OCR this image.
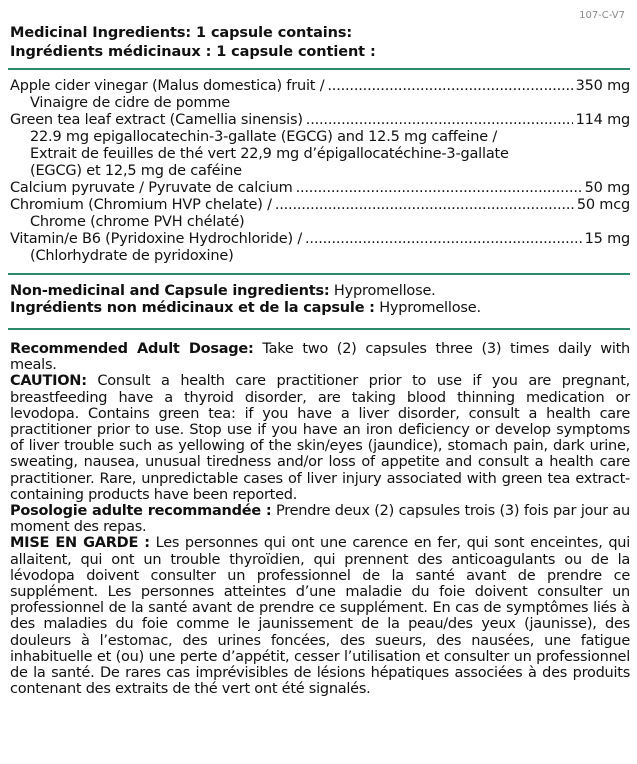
107-C-V7
Medicinal Ingredients: 1 capsule contains:
Ingrédients médicinaux : 1 capsule contient :
Apple cider vinegar (Malus domestica) fruit / .....	350 mg
Vinaigre de cidre de pomme
Green tea leaf extract (Camellia sinensis) .....	114 mg
22.9 mg epigallocatechin-3-gallate (EGCG) and 12.5 mg caffeine /
Extrait de feuilles de thé vert 22,9 mg d’épigallocatéchine-3-gallate
(EGCG) et 12,5 mg de caféine
Calcium pyruvate / Pyruvate de calcium .....	50 mg
Chromium (Chromium HVP chelate) / .....	50 mcg
Chrome (chrome PVH chélaté)
Vitamin/e B6 (Pyridoxine Hydrochloride) / .....	15 mg
(Chlorhydrate de pyridoxine)
Non-medicinal and Capsule ingredients: Hypromellose.
Ingrédients non médicinaux et de la capsule : Hypromellose.

Recommended Adult Dosage: Take two (2) capsules three (3) times daily with meals.

CAUTION: Consult a health care practitioner prior to use if you are pregnant, breastfeeding have a thyroid disorder, are taking blood thinning medication or levodopa. Contains green tea: if you have a liver disorder, consult a health care practitioner prior to use. Stop use if you have an iron deficiency or develop symptoms of liver trouble such as yellowing of the skin/eyes (jaundice), stomach pain, dark urine, sweating, nausea, unusual tiredness and/or loss of appetite and consult a health care practitioner. Rare, unpredictable cases of liver injury associated with green tea extract-containing products have been reported.

Posologie adulte recommandée : Prendre deux (2) capsules trois (3) fois par jour au moment des repas.

MISE EN GARDE : Les personnes qui ont une carence en fer, qui sont enceintes, qui allaitent, qui ont un trouble thyroïdien, qui prennent des anticoagulants ou de la lévodopa doivent consulter un professionnel de la santé avant de prendre ce supplément. Les personnes atteintes d’une maladie du foie doivent consulter un professionnel de la santé avant de prendre ce supplément. En cas de symptômes liés à des maladies du foie comme le jaunissement de la peau/des yeux (jaunisse), des douleurs à l’estomac, des urines foncées, des sueurs, des nausées, une fatigue inhabituelle et (ou) une perte d’appétit, cesser l’utilisation et consulter un professionnel de la santé. De rares cas imprévisibles de lésions hépatiques associées à des produits contenant des extraits de thé vert ont été signalés.
